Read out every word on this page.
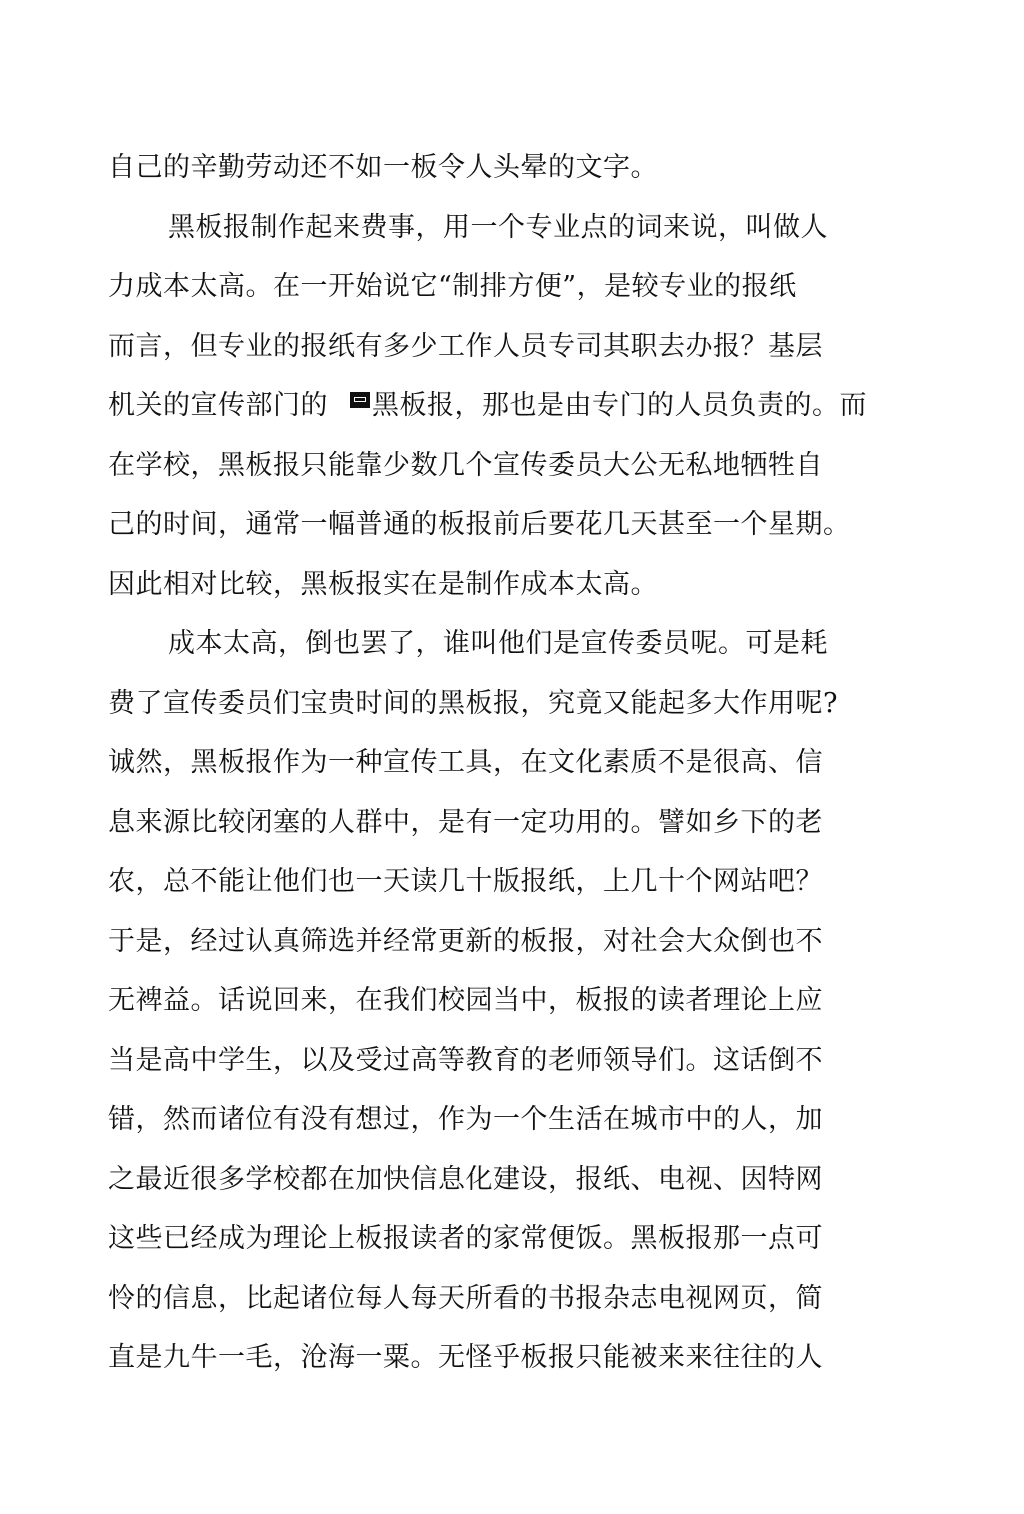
自己的辛勤劳动还不如一板令人头晕的文字。
黑板报制作起来费事，用一个专业点的词来说，叫做人
力成本太高。在一开始说它“制排方便”，是较专业的报纸
而言，但专业的报纸有多少工作人员专司其职去办报？基层
机关的宣传部门的 黑板报，那也是由专门的人员负责的。而
在学校，黑板报只能靠少数几个宣传委员大公无私地牺牲自
己的时间，通常一幅普通的板报前后要花几天甚至一个星期。
因此相对比较，黑板报实在是制作成本太高。
成本太高，倒也罢了，谁叫他们是宣传委员呢。可是耗
费了宣传委员们宝贵时间的黑板报，究竟又能起多大作用呢?
诚然，黑板报作为一种宣传工具，在文化素质不是很高、信
息来源比较闭塞的人群中，是有一定功用的。譬如乡下的老
农，总不能让他们也一天读几十版报纸，上几十个网站吧？
于是，经过认真筛选并经常更新的板报，对社会大众倒也不
无裨益。话说回来，在我们校园当中，板报的读者理论上应
当是高中学生，以及受过高等教育的老师领导们。这话倒不
错，然而诸位有没有想过，作为一个生活在城市中的人，加
之最近很多学校都在加快信息化建设，报纸、电视、因特网
这些已经成为理论上板报读者的家常便饭。黑板报那一点可
怜的信息，比起诸位每人每天所看的书报杂志电视网页，简
直是九牛一毛，沧海一粟。无怪乎板报只能被来来往往的人
